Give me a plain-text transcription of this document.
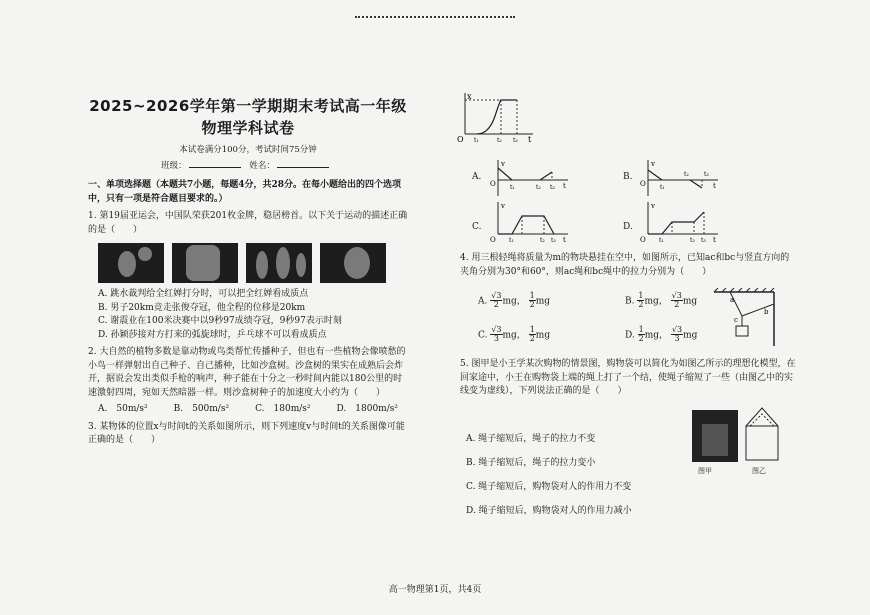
2025~2026学年第一学期期末考试高一年级

物理学科试卷

本试卷满分100分，考试时间75分钟
班级：	姓名：
一、单项选择题（本题共7小题，每题4分，共28分。在每小题给出的四个选项中，只有一项是符合题目要求的。）
1. 第19届亚运会，中国队荣获201枚金牌，稳居榜首。以下关于运动的描述正确的是（　　）
A. 跳水裁判给全红婵打分时，可以把全红婵看成质点
B. 男子20km竞走张俊夺冠，他全程的位移是20km
C. 谢震业在100米决赛中以9秒97成绩夺冠，9秒97表示时刻
D. 孙颖莎接对方打来的弧旋球时，乒乓球不可以看成质点
2. 大自然的植物多数是靠动物或鸟类帮忙传播种子，但也有一些植物会像喷愁的小鸟一样弹射出自己种子、自己播种，比如沙盒树。沙盒树的果实在成熟后会炸开，据说会发出类似手枪的响声，种子能在十分之一秒时间内能以180公里的时速激射四周，宛如天然暗器一样。则沙盒树种子的加速度大小约为（　　）
A.　50m/s²	B.　500m/s²	C.　180m/s²	D.　1800m/s²
3. 某物体的位置x与时间t的关系如图所示，则下列速度v与时间t的关系图像可能正确的是（　　）
x
t
O t₁	t₂ t₃
A.
v
t
O t₁	t₂ t₃
B.
v
t
O t₁
t₂	t₃
C.
v
t
O t₁	t₂ t₃
D.
v
t
O t₁	t₂ t₃
4. 用三根轻绳将质量为m的物块悬挂在空中，如图所示，已知ac和bc与竖直方向的夹角分别为30°和60°，则ac绳和bc绳中的拉力分别为（　　）
A. $\frac{√3}{2}mg$， $\frac{1}{2}mg$	B. $\frac{1}{2}mg$， $\frac{√3}{2}mg$
C. $\frac{√3}{3}mg$， $\frac{1}{2}mg$	D. $\frac{1}{2}mg$， $\frac{√3}{3}mg$
a
b
c
5. 图甲是小王学某次购物的情景图，购物袋可以简化为如图乙所示的理想化模型，在回家途中，小王在购物袋上端的绳上打了一个结，使绳子缩短了一些（由图乙中的实线变为虚线），下列说法正确的是（　　）
A. 绳子缩短后，绳子的拉力不变
B. 绳子缩短后，绳子的拉力变小
C. 绳子缩短后，购物袋对人的作用力不变
D. 绳子缩短后，购物袋对人的作用力减小
图甲	图乙
高一物理第1页，共4页
